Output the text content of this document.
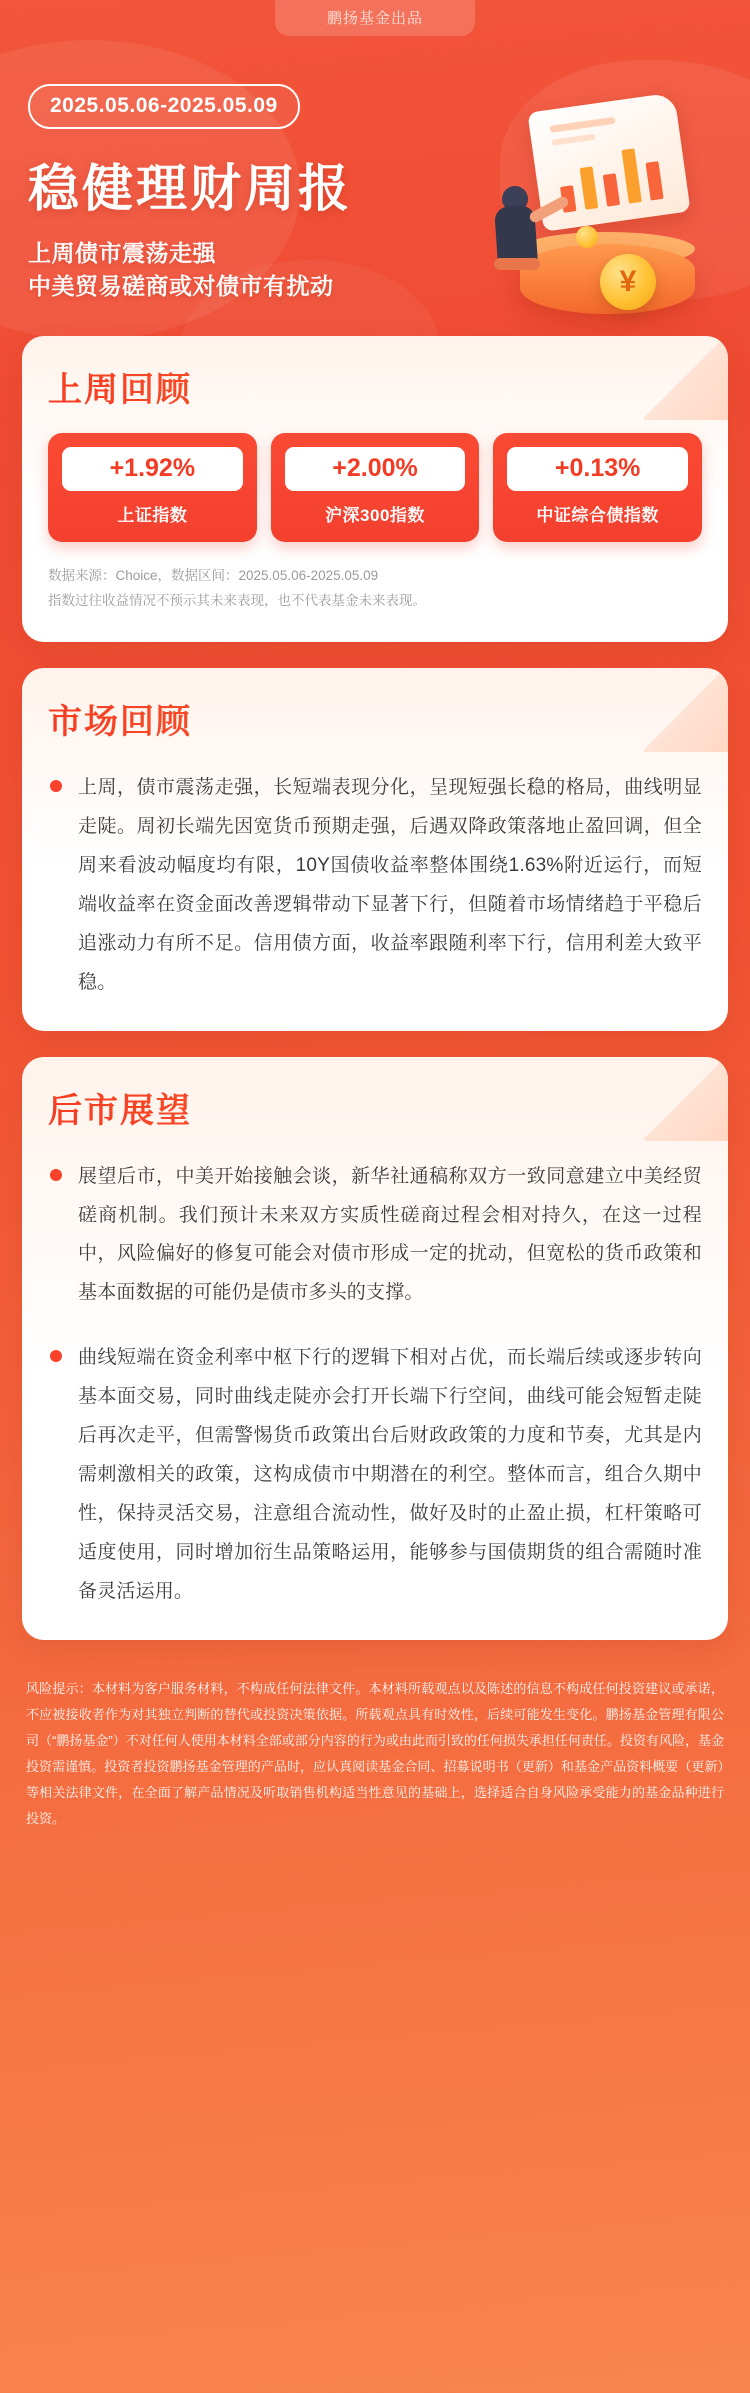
鹏扬基金出品
2025.05.06-2025.05.09
稳健理财周报
上周债市震荡走强
中美贸易磋商或对债市有扰动	¥
上周回顾
+1.92%
上证指数
+2.00%
沪深300指数
+0.13%
中证综合债指数
数据来源：Choice，数据区间：2025.05.06-2025.05.09
指数过往收益情况不预示其未来表现，也不代表基金未来表现。
市场回顾

上周，债市震荡走强，长短端表现分化，呈现短强长稳的格局，曲线明显走陡。周初长端先因宽货币预期走强，后遇双降政策落地止盈回调，但全周来看波动幅度均有限，10Y国债收益率整体围绕1.63%附近运行，而短端收益率在资金面改善逻辑带动下显著下行，但随着市场情绪趋于平稳后追涨动力有所不足。信用债方面，收益率跟随利率下行，信用利差大致平稳。

后市展望

展望后市，中美开始接触会谈，新华社通稿称双方一致同意建立中美经贸磋商机制。我们预计未来双方实质性磋商过程会相对持久，在这一过程中，风险偏好的修复可能会对债市形成一定的扰动，但宽松的货币政策和基本面数据的可能仍是债市多头的支撑。

曲线短端在资金利率中枢下行的逻辑下相对占优，而长端后续或逐步转向基本面交易，同时曲线走陡亦会打开长端下行空间，曲线可能会短暂走陡后再次走平，但需警惕货币政策出台后财政政策的力度和节奏，尤其是内需刺激相关的政策，这构成债市中期潜在的利空。整体而言，组合久期中性，保持灵活交易，注意组合流动性，做好及时的止盈止损，杠杆策略可适度使用，同时增加衍生品策略运用，能够参与国债期货的组合需随时准备灵活运用。

风险提示：本材料为客户服务材料，不构成任何法律文件。本材料所载观点以及陈述的信息不构成任何投资建议或承诺，不应被接收者作为对其独立判断的替代或投资决策依据。所载观点具有时效性，后续可能发生变化。鹏扬基金管理有限公司（“鹏扬基金”）不对任何人使用本材料全部或部分内容的行为或由此而引致的任何损失承担任何责任。投资有风险，基金投资需谨慎。投资者投资鹏扬基金管理的产品时，应认真阅读基金合同、招募说明书（更新）和基金产品资料概要（更新）等相关法律文件，在全面了解产品情况及听取销售机构适当性意见的基础上，选择适合自身风险承受能力的基金品种进行投资。
